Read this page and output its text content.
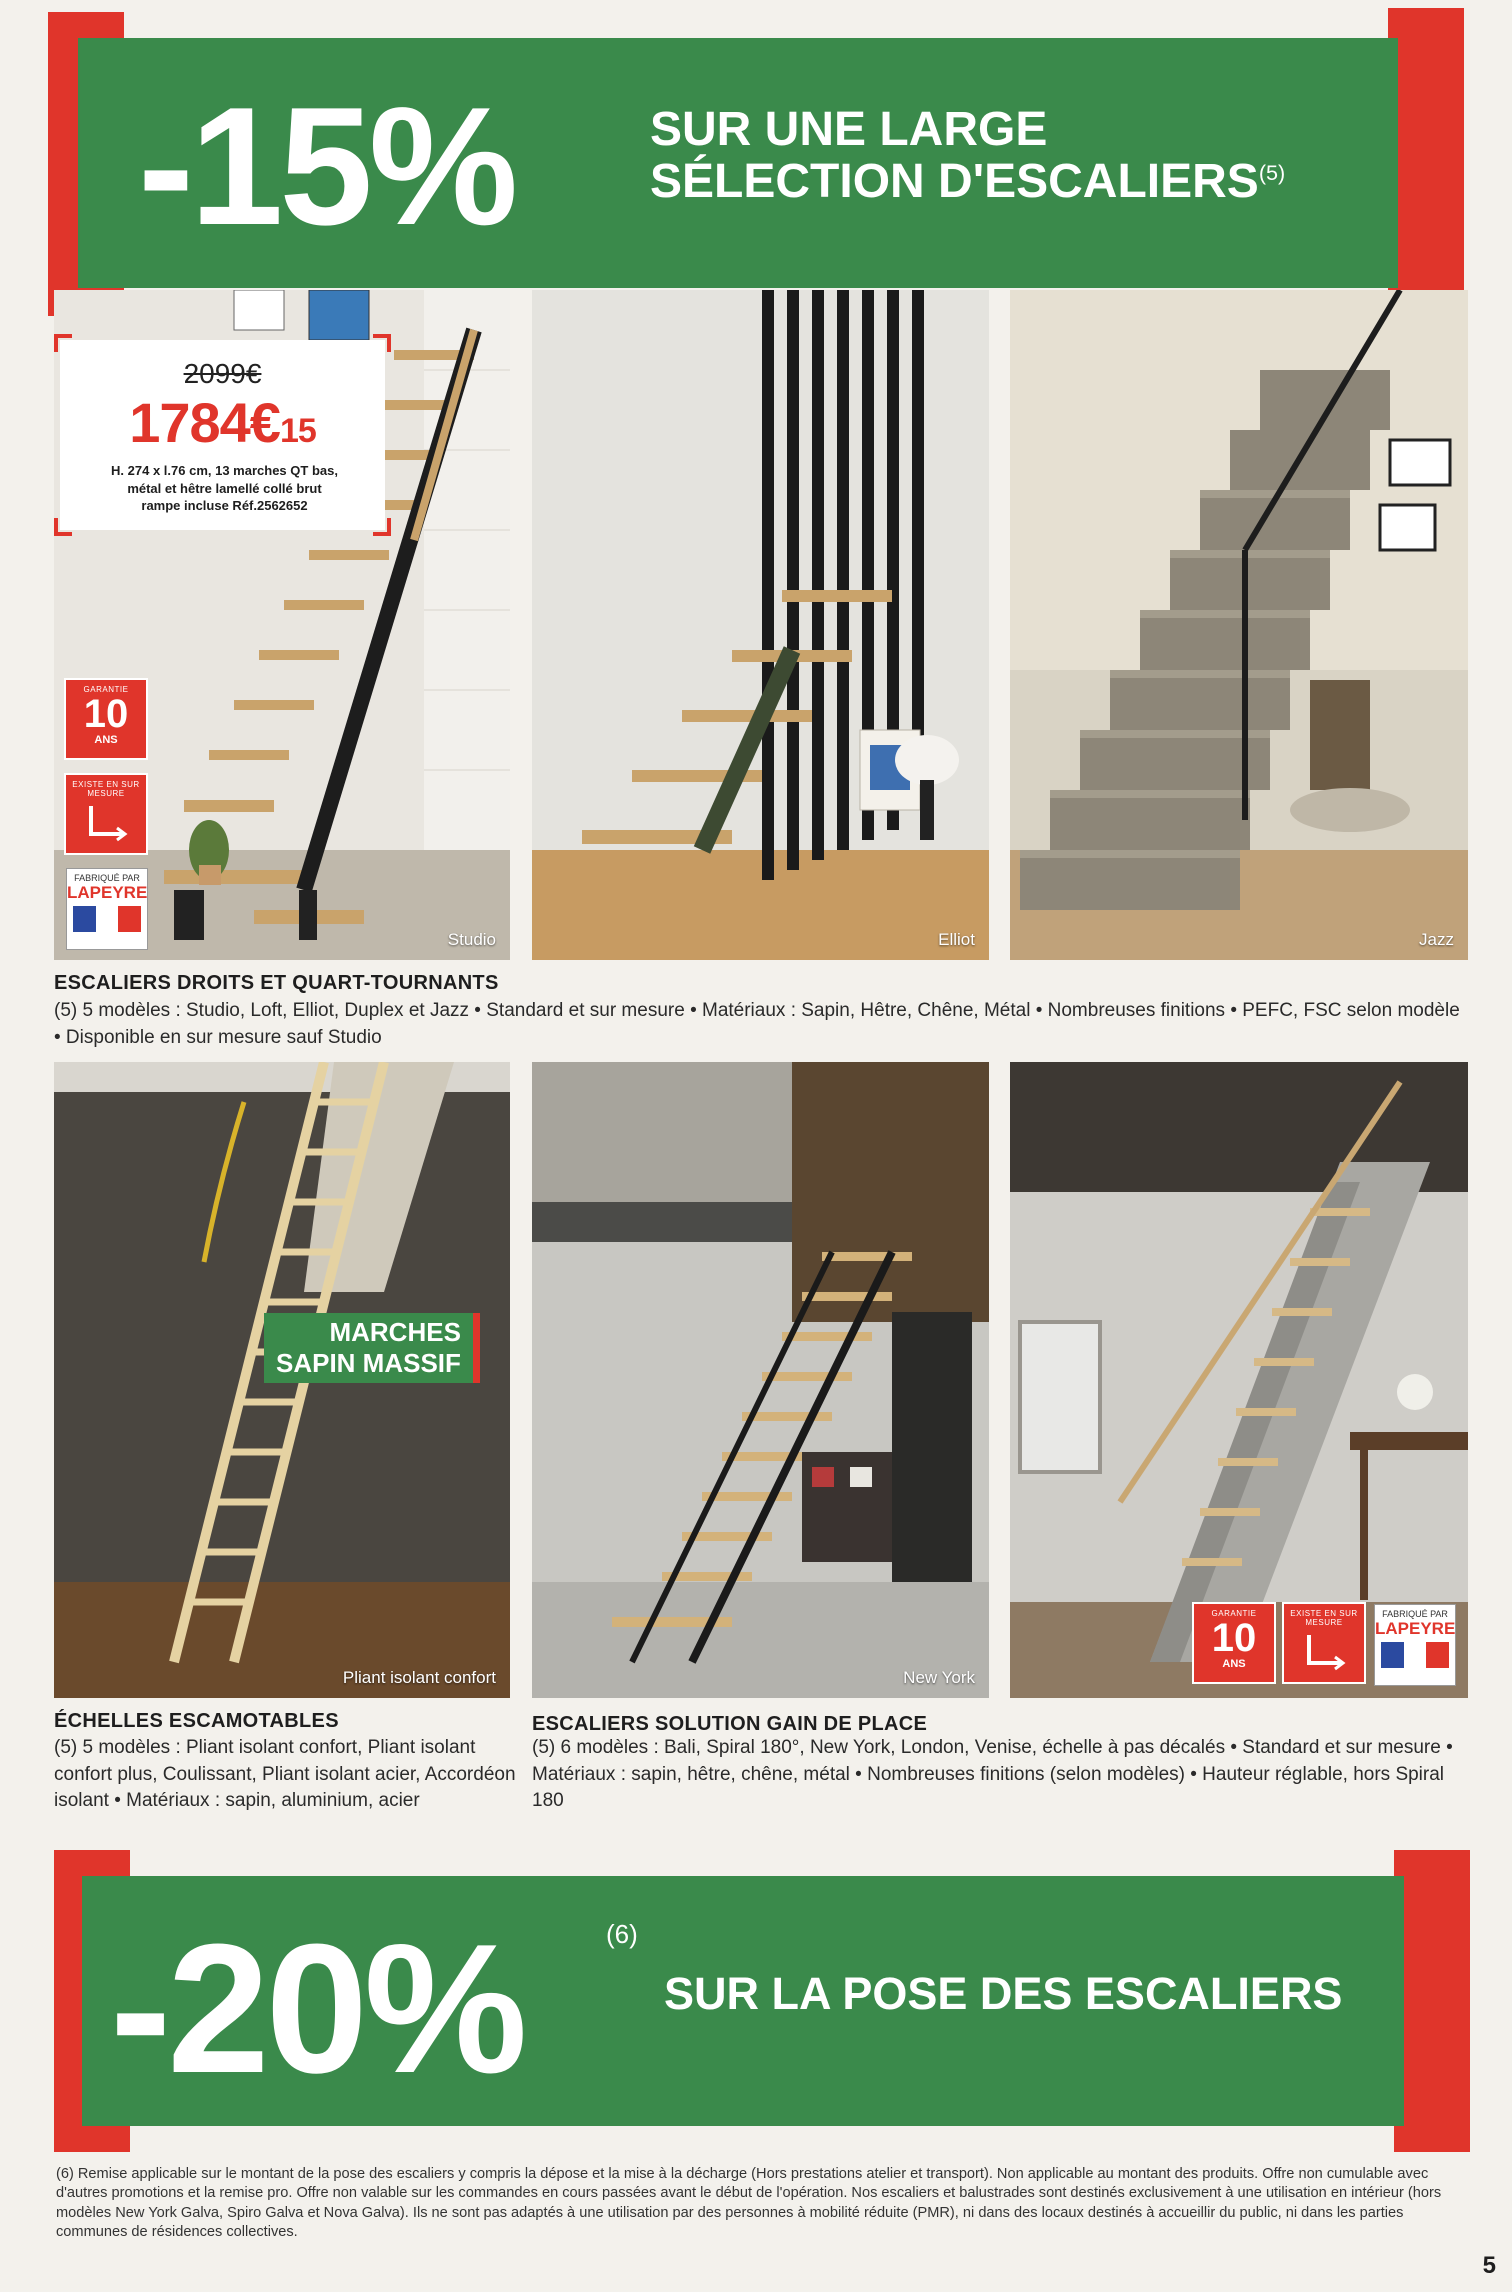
-15%	SUR UNE LARGE
SÉLECTION D'ESCALIERS$^{(5)}$
Studio	Elliot	Jazz
2099€
1784€15
H. 274 x l.76 cm, 13 marches QT bas,
métal et hêtre lamellé collé brut
rampe incluse Réf.2562652
GARANTIE
10
ANS
EXISTE EN SUR MESURE
FABRIQUÉ PAR
LAPEYRE
ESCALIERS DROITS ET QUART-TOURNANTS
(5) 5 modèles : Studio, Loft, Elliot, Duplex et Jazz • Standard et sur mesure • Matériaux : Sapin, Hêtre, Chêne, Métal • Nombreuses finitions • PEFC, FSC selon modèle • Disponible en sur mesure sauf Studio
Pliant isolant confort
MARCHES
SAPIN MASSIF
New York
GARANTIE
10
ANS
EXISTE EN SUR MESURE
FABRIQUÉ PAR
LAPEYRE
ÉCHELLES ESCAMOTABLES
(5) 5 modèles : Pliant isolant confort, Pliant isolant confort plus, Coulissant, Pliant isolant acier, Accordéon isolant • Matériaux : sapin, aluminium, acier
ESCALIERS SOLUTION GAIN DE PLACE
(5) 6 modèles : Bali, Spiral 180°, New York, London, Venise, échelle à pas décalés • Standard et sur mesure • Matériaux : sapin, hêtre, chêne, métal • Nombreuses finitions (selon modèles) • Hauteur réglable, hors Spiral 180
-20%	(6)
SUR LA POSE DES ESCALIERS
(6) Remise applicable sur le montant de la pose des escaliers y compris la dépose et la mise à la décharge (Hors prestations atelier et transport). Non applicable au montant des produits. Offre non cumulable avec d'autres promotions et la remise pro. Offre non valable sur les commandes en cours passées avant le début de l'opération. Nos escaliers et balustrades sont destinés exclusivement à une utilisation en intérieur (hors modèles New York Galva, Spiro Galva et Nova Galva). Ils ne sont pas adaptés à une utilisation par des personnes à mobilité réduite (PMR), ni dans des locaux destinés à accueillir du public, ni dans les parties communes de résidences collectives.
5
